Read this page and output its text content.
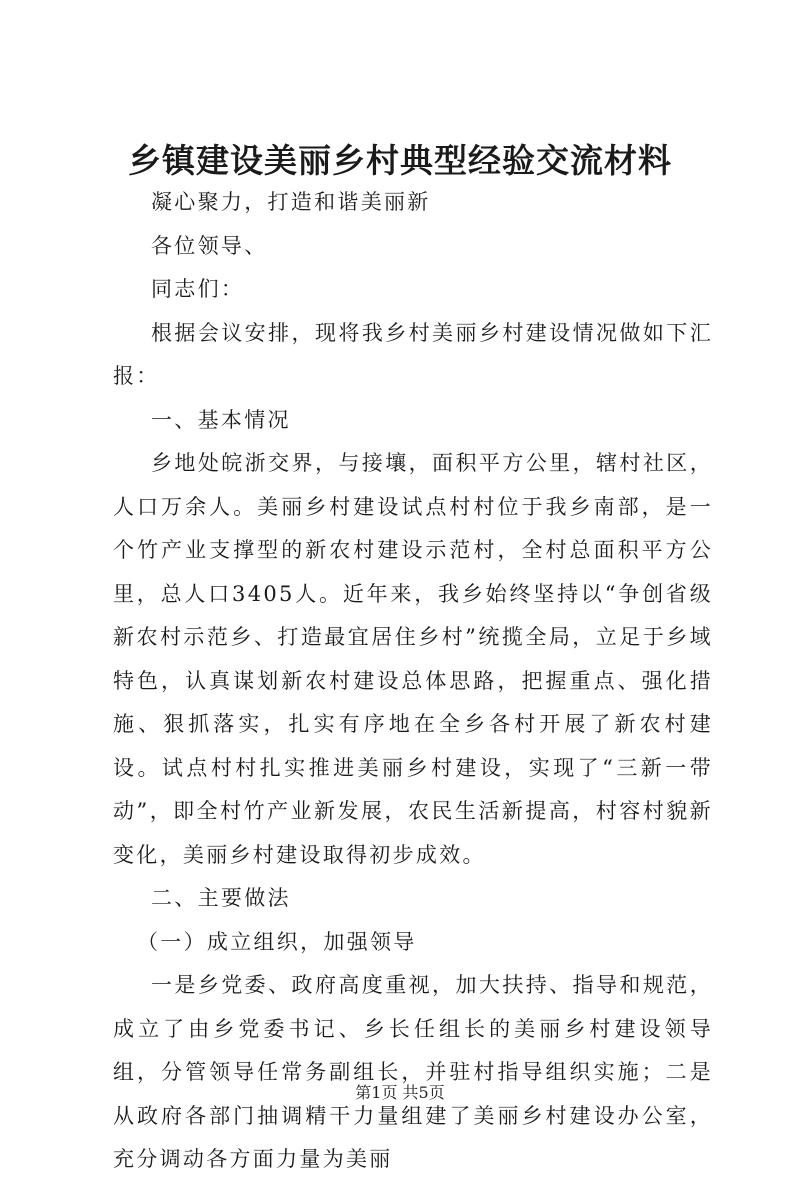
乡镇建设美丽乡村典型经验交流材料

凝心聚力，打造和谐美丽新

各位领导、

同志们：

根据会议安排，现将我乡村美丽乡村建设情况做如下汇报：

一、基本情况

乡地处皖浙交界，与接壤，面积平方公里，辖村社区，人口万余人。美丽乡村建设试点村村位于我乡南部，是一个竹产业支撑型的新农村建设示范村，全村总面积平方公里，总人口3405人。近年来，我乡始终坚持以“争创省级新农村示范乡、打造最宜居住乡村”统揽全局，立足于乡域特色，认真谋划新农村建设总体思路，把握重点、强化措施、狠抓落实，扎实有序地在全乡各村开展了新农村建设。试点村村扎实推进美丽乡村建设，实现了“三新一带动”，即全村竹产业新发展，农民生活新提高，村容村貌新变化，美丽乡村建设取得初步成效。

二、主要做法

（一）成立组织，加强领导

一是乡党委、政府高度重视，加大扶持、指导和规范，成立了由乡党委书记、乡长任组长的美丽乡村建设领导组，分管领导任常务副组长，并驻村指导组织实施；二是从政府各部门抽调精干力量组建了美丽乡村建设办公室，充分调动各方面力量为美丽

第1页 共5页
